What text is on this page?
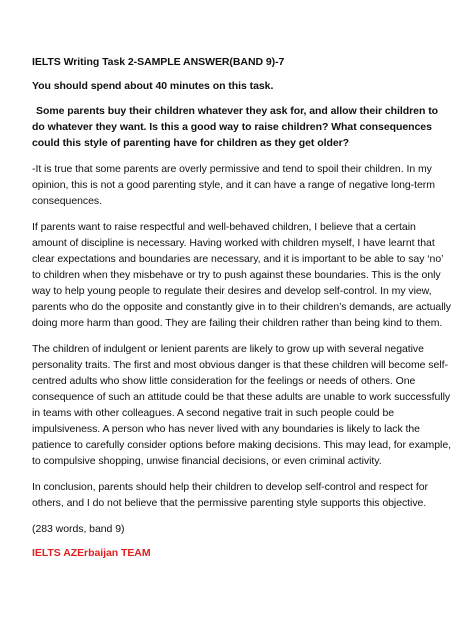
IELTS Writing Task 2-SAMPLE ANSWER(BAND 9)-7

You should spend about 40 minutes on this task.

Some parents buy their children whatever they ask for, and allow their children to do whatever they want. Is this a good way to raise children? What consequences could this style of parenting have for children as they get older?

-It is true that some parents are overly permissive and tend to spoil their children. In my opinion, this is not a good parenting style, and it can have a range of negative long-term consequences.

If parents want to raise respectful and well-behaved children, I believe that a certain amount of discipline is necessary. Having worked with children myself, I have learnt that clear expectations and boundaries are necessary, and it is important to be able to say ‘no’ to children when they misbehave or try to push against these boundaries. This is the only way to help young people to regulate their desires and develop self-control. In my view, parents who do the opposite and constantly give in to their children’s demands, are actually doing more harm than good. They are failing their children rather than being kind to them.

The children of indulgent or lenient parents are likely to grow up with several negative personality traits. The first and most obvious danger is that these children will become self-centred adults who show little consideration for the feelings or needs of others. One consequence of such an attitude could be that these adults are unable to work successfully in teams with other colleagues. A second negative trait in such people could be impulsiveness. A person who has never lived with any boundaries is likely to lack the patience to carefully consider options before making decisions. This may lead, for example, to compulsive shopping, unwise financial decisions, or even criminal activity.

In conclusion, parents should help their children to develop self-control and respect for others, and I do not believe that the permissive parenting style supports this objective.

(283 words, band 9)

IELTS AZErbaijan TEAM
